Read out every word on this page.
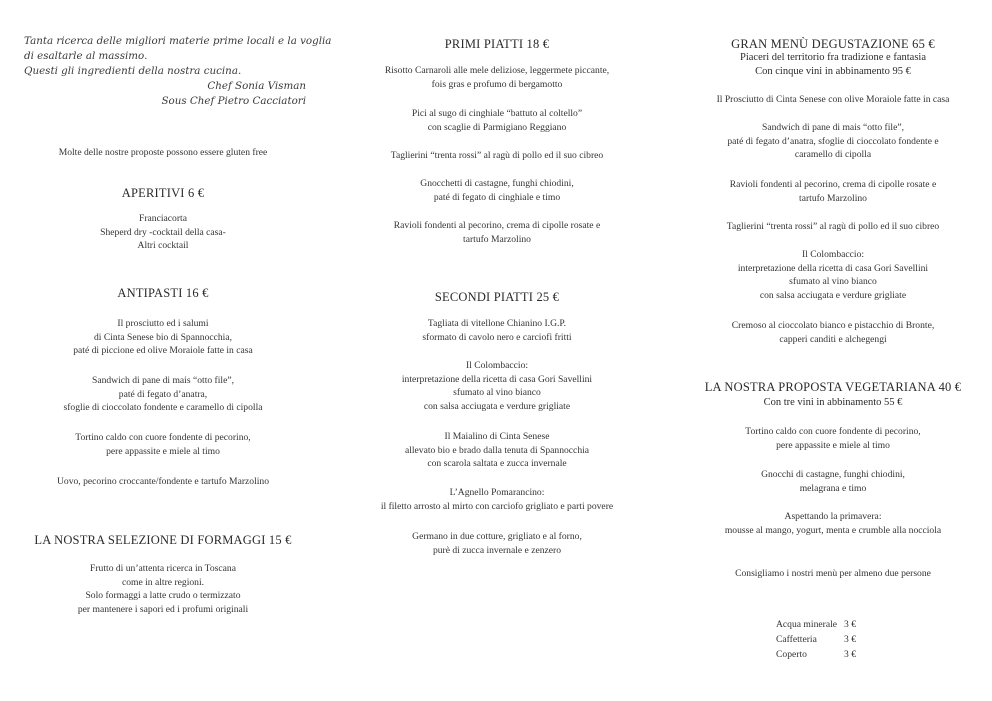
Tanta ricerca delle migliori materie prime locali e la voglia
di esaltarle al massimo.
Questi gli ingredienti della nostra cucina.
Chef Sonia Visman
Sous Chef Pietro Cacciatori
Molte delle nostre proposte possono essere gluten free
APERITIVI 6 €
Franciacorta
Sheperd dry -cocktail della casa-
Altri cocktail
ANTIPASTI 16 €
Il prosciutto ed i salumi
di Cinta Senese bio di Spannocchia,
paté di piccione ed olive Moraiole fatte in casa
Sandwich di pane di mais “otto file”,
paté di fegato d’anatra,
sfoglie di cioccolato fondente e caramello di cipolla
Tortino caldo con cuore fondente di pecorino,
pere appassite e miele al timo
Uovo, pecorino croccante/fondente e tartufo Marzolino
LA NOSTRA SELEZIONE DI FORMAGGI 15 €
Frutto di un’attenta ricerca in Toscana
come in altre regioni.
Solo formaggi a latte crudo o termizzato
per mantenere i sapori ed i profumi originali
PRIMI PIATTI 18 €
Risotto Carnaroli alle mele deliziose, leggermete piccante,
fois gras e profumo di bergamotto
Pici al sugo di cinghiale “battuto al coltello”
con scaglie di Parmigiano Reggiano
Taglierini “trenta rossi” al ragù di pollo ed il suo cibreo
Gnocchetti di castagne, funghi chiodini,
paté di fegato di cinghiale e timo
Ravioli fondenti al pecorino, crema di cipolle rosate e
tartufo Marzolino
SECONDI PIATTI 25 €
Tagliata di vitellone Chianino I.G.P.
sformato di cavolo nero e carciofi fritti
Il Colombaccio:
interpretazione della ricetta di casa Gori Savellini
sfumato al vino bianco
con salsa acciugata e verdure grigliate
Il Maialino di Cinta Senese
allevato bio e brado dalla tenuta di Spannocchia
con scarola saltata e zucca invernale
L’Agnello Pomarancino:
il filetto arrosto al mirto con carciofo grigliato e parti povere
Germano in due cotture, grigliato e al forno,
purè di zucca invernale e zenzero
GRAN MENÙ DEGUSTAZIONE 65 €
Piaceri del territorio fra tradizione e fantasia
Con cinque vini in abbinamento 95 €
Il Prosciutto di Cinta Senese con olive Moraiole fatte in casa
Sandwich di pane di mais “otto file”,
paté di fegato d’anatra, sfoglie di cioccolato fondente e
caramello di cipolla
Ravioli fondenti al pecorino, crema di cipolle rosate e
tartufo Marzolino
Taglierini “trenta rossi” al ragù di pollo ed il suo cibreo
Il Colombaccio:
interpretazione della ricetta di casa Gori Savellini
sfumato al vino bianco
con salsa acciugata e verdure grigliate
Cremoso al cioccolato bianco e pistacchio di Bronte,
capperi canditi e alchegengi
LA NOSTRA PROPOSTA VEGETARIANA 40 €
Con tre vini in abbinamento 55 €
Tortino caldo con cuore fondente di pecorino,
pere appassite e miele al timo
Gnocchi di castagne, funghi chiodini,
melagrana e timo
Aspettando la primavera:
mousse al mango, yogurt, menta e crumble alla nocciola
Consigliamo i nostri menù per almeno due persone
Acqua minerale	3 €
Caffetteria	3 €
Coperto	3 €
